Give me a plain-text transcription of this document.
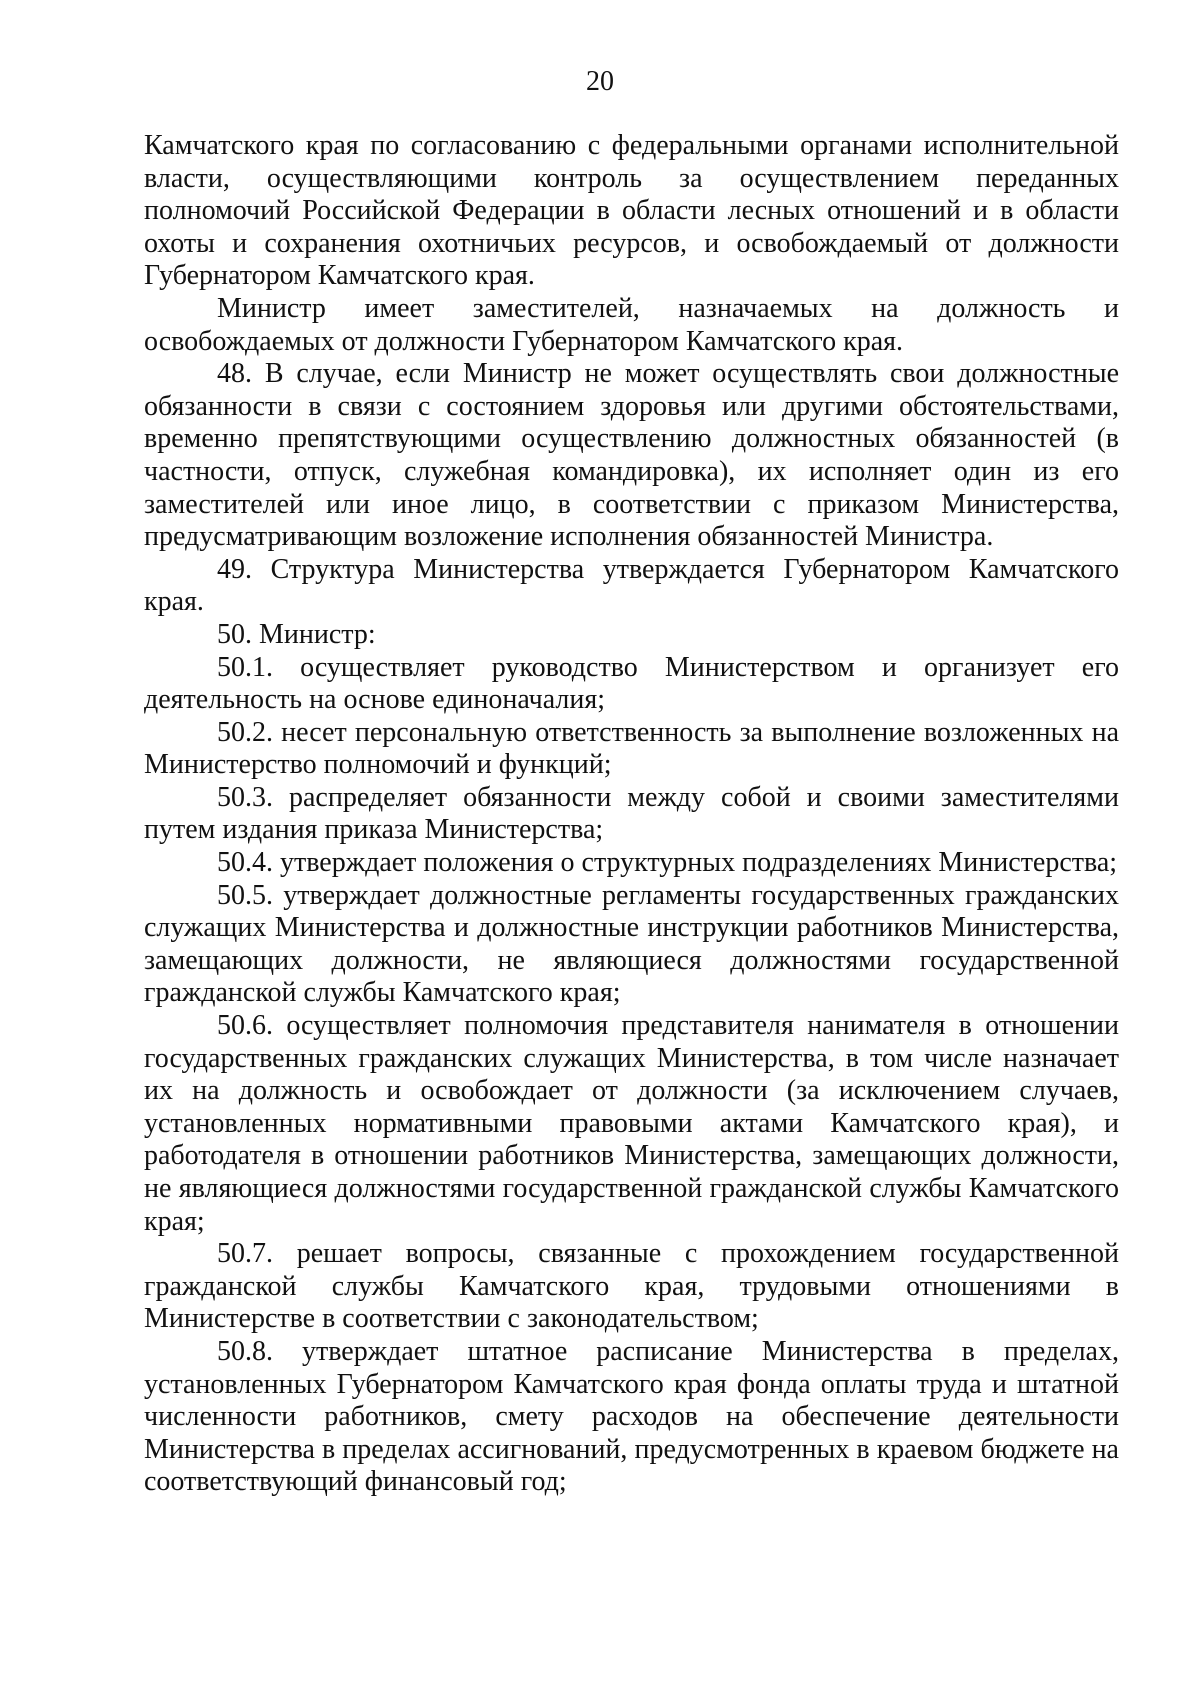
20

Камчатского края по согласованию с федеральными органами исполнительной власти, осуществляющими контроль за осуществлением переданных полномочий Российской Федерации в области лесных отношений и в области охоты и сохранения охотничьих ресурсов, и освобождаемый от должности Губернатором Камчатского края.

Министр имеет заместителей, назначаемых на должность и освобождаемых от должности Губернатором Камчатского края.

48. В случае, если Министр не может осуществлять свои должностные обязанности в связи с состоянием здоровья или другими обстоятельствами, временно препятствующими осуществлению должностных обязанностей (в частности, отпуск, служебная командировка), их исполняет один из его заместителей или иное лицо, в соответствии с приказом Министерства, предусматривающим возложение исполнения обязанностей Министра.

49. Структура Министерства утверждается Губернатором Камчатского края.

50. Министр:

50.1. осуществляет руководство Министерством и организует его деятельность на основе единоначалия;

50.2. несет персональную ответственность за выполнение возложенных на Министерство полномочий и функций;

50.3. распределяет обязанности между собой и своими заместителями путем издания приказа Министерства;

50.4. утверждает положения о структурных подразделениях Министерства;

50.5. утверждает должностные регламенты государственных гражданских служащих Министерства и должностные инструкции работников Министерства, замещающих должности, не являющиеся должностями государственной гражданской службы Камчатского края;

50.6. осуществляет полномочия представителя нанимателя в отношении государственных гражданских служащих Министерства, в том числе назначает их на должность и освобождает от должности (за исключением случаев, установленных нормативными правовыми актами Камчатского края), и работодателя в отношении работников Министерства, замещающих должности, не являющиеся должностями государственной гражданской службы Камчатского края;

50.7. решает вопросы, связанные с прохождением государственной гражданской службы Камчатского края, трудовыми отношениями в Министерстве в соответствии с законодательством;

50.8. утверждает штатное расписание Министерства в пределах, установленных Губернатором Камчатского края фонда оплаты труда и штатной численности работников, смету расходов на обеспечение деятельности Министерства в пределах ассигнований, предусмотренных в краевом бюджете на соответствующий финансовый год;
